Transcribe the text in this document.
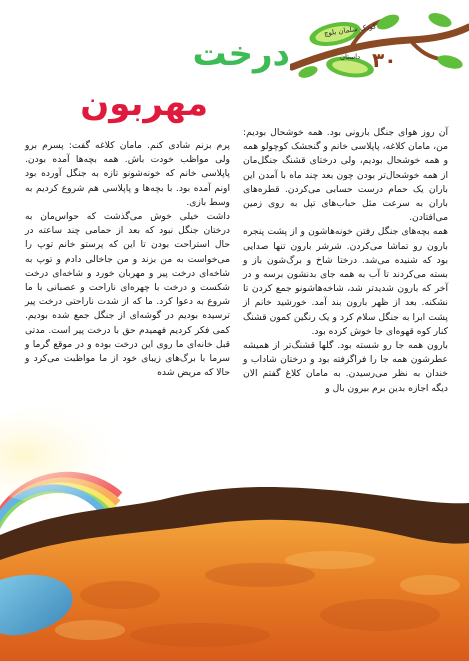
کودک سلمان بلوچ
داستان ۳۰
درخت
مهربون

آن روز هوای جنگل بارونی بود. همه خوشحال بودیم: من، مامان کلاغه، پاپلاسی خانم و گنجشک کوچولو همه و همه خوشحال بودیم، ولی درختای قشنگ جنگل‌مان از همه خوشحال‌تر بودن چون بعد چند ماه با آمدن این باران یک حمام درست حسابی می‌کردن. قطره‌های باران به سرعت مثل حباب‌های تپل به روی زمین می‌افتادن.

همه بچه‌های جنگل رفتن خونه‌هاشون و از پشت پنجره بارون رو تماشا می‌کردن. شرشر بارون تنها صدایی بود که شنیده می‌شد. درختا شاخ و برگ‌شون باز و بسته می‌کردند تا آب به همه جای بدنشون برسه و در آخر که بارون شدیدتر شد، شاخه‌هاشونو جمع کردن تا نشکنه. بعد از ظهر بارون بند آمد. خورشید خانم از پشت ابرا به جنگل سلام کرد و یک رنگین کمون قشنگ کنار کوه قهوه‌ای جا خوش کرده بود.

بارون همه جا رو شسته بود. گلها قشنگ‌تر از همیشه عطرشون همه جا را فراگرفته بود و درختان شاداب و خندان به نظر می‌رسیدن. به مامان کلاغ گفتم الان دیگه اجازه بدین برم بیرون بال و

پرم بزنم شادی کنم. مامان کلاغه گفت: پسرم برو ولی مواظب خودت باش. همه بچه‌ها آمده بودن. پاپلاسی خانم که خونه‌شونو تازه به جنگل آورده بود اونم آمده بود. با بچه‌ها و پاپلاسی هم شروع کردیم به وسط بازی.

داشت خیلی خوش می‌گذشت که حواس‌مان به درختان جنگل نبود که بعد از حمامی چند ساعته در حال استراحت بودن تا این که پرستو خانم توپ را می‌خواست به من بزند و من جاخالی دادم و توپ به شاخه‌ای درخت پیر و مهربان خورد و شاخه‌ای درخت شکست و درخت با چهره‌ای ناراحت و عصبانی با ما شروع به دعوا کرد. ما که از شدت ناراحتی درخت پیر ترسیده بودیم در گوشه‌ای از جنگل جمع شده بودیم. کمی فکر کردیم فهمیدم حق با درخت پیر است. مدتی قبل خانه‌ای ما روی این درخت بوده و در موقع گرما و سرما با برگ‌های زیبای خود از ما مواظبت می‌کرد و حالا که مریض شده
